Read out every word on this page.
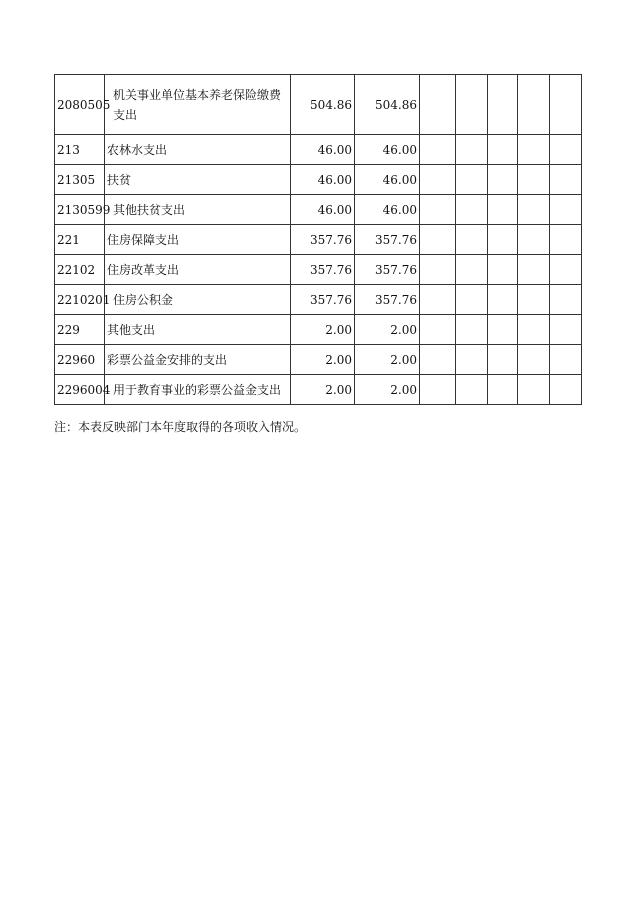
2080505	机关事业单位基本养老保险缴费支出	504.86	504.86					
213	农林水支出	46.00	46.00					
21305	扶贫	46.00	46.00					
2130599	其他扶贫支出	46.00	46.00					
221	住房保障支出	357.76	357.76					
22102	住房改革支出	357.76	357.76					
2210201	住房公积金	357.76	357.76					
229	其他支出	2.00	2.00					
22960	彩票公益金安排的支出	2.00	2.00					
2296004	用于教育事业的彩票公益金支出	2.00	2.00					
注：本表反映部门本年度取得的各项收入情况。
